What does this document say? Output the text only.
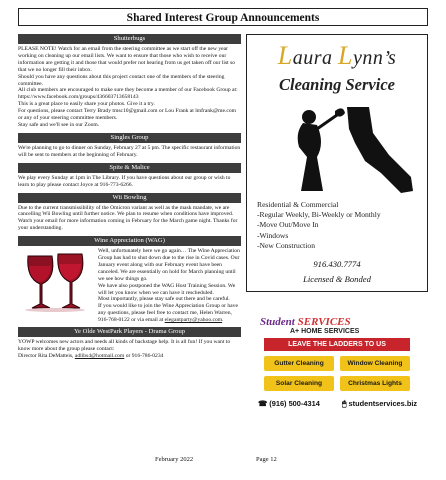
Shared Interest Group Announcements
Shutterbugs

PLEASE NOTE! Watch for an email from the steering committee as we start off the new year working on cleaning up our email lists. We want to ensure that those who wish to receive our information are getting it and those that would prefer not hearing from us get taken off our list so that we no longer fill their inbox.

Should you have any questions about this project contact one of the members of the steering committee.

All club members are encouraged to make sure they become a member of our Facebook Group at: https://www.facebook.com/groups/436603713658143

This is a great place to easily share your photos. Give it a try.

For questions, please contact Terry Brady tmsc10@gmail.com or Lou Frank at lmfrank@me.com or any of your steering committee members.

Stay safe and we'll see in our Zoom.

Singles Group

We're planning to go to dinner on Sunday, February 27 at 5 pm. The specific restaurant information will be sent to members at the beginning of February.

Spite & Malice

We play every Sunday at 1pm in The Library. If you have questions about our group or wish to learn to play please contact Joyce at 916-773-6266.

Wii Bowling

Due to the current transmissibility of the Omicron variant as well as the mask mandate, we are cancelling Wii Bowling until further notice. We plan to resume when conditions have improved. Watch your email for more information coming in February for the March game night. Thanks for your understanding.

Wine Appreciation (WAG)

Well, unfortunately here we go again… The Wine Appreciation Group has had to shut down due to the rise in Covid cases. Our January event along with our February event have been canceled. We are essentially on hold for March planning until we see how things go.

We have also postponed the WAG Host Training Session. We will let you know when we can have it rescheduled.

Most importantly, please stay safe out there and be careful.

If you would like to join the Wine Appreciation Group or have any questions, please feel free to contact me, Helen Warren, 916-768-0122 or via email at elegantparty@yahoo.com.

Ye Olde WestPark Players - Drama Group

YOWP welcomes new actors and needs all kinds of backstage help. It is all fun! If you want to know more about the group please contact:

Director Rita DeMatteis, adlibs4@hotmail.com or 916-786-0234

Laura Lynn’s
Cleaning Service
Residential & Commercial
-Regular Weekly, Bi-Weekly or Monthly
-Move Out/Move In
-Windows
-New Construction
916.430.7774
Licensed & Bonded
Student SERVICES
A+ HOME SERVICES
LEAVE THE LADDERS TO US
Gutter Cleaning	Window Cleaning
Solar Cleaning	Christmas Lights
☎ (916) 500-4314	🖱 studentservices.biz
February 2022	Page 12
